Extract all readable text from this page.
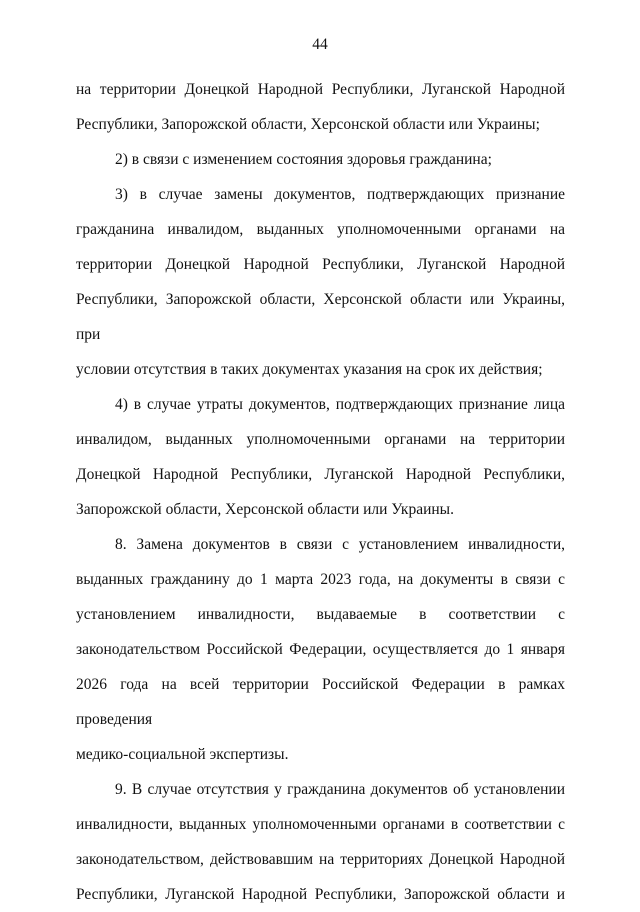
44
на территории Донецкой Народной Республики, Луганской Народной
Республики, Запорожской области, Херсонской области или Украины;
2) в связи с изменением состояния здоровья гражданина;
3) в случае замены документов, подтверждающих признание
гражданина инвалидом, выданных уполномоченными органами на
территории Донецкой Народной Республики, Луганской Народной
Республики, Запорожской области, Херсонской области или Украины, при
условии отсутствия в таких документах указания на срок их действия;
4) в случае утраты документов, подтверждающих признание лица
инвалидом, выданных уполномоченными органами на территории
Донецкой Народной Республики, Луганской Народной Республики,
Запорожской области, Херсонской области или Украины.
8. Замена документов в связи с установлением инвалидности,
выданных гражданину до 1 марта 2023 года, на документы в связи с
установлением инвалидности, выдаваемые в соответствии с
законодательством Российской Федерации, осуществляется до 1 января
2026 года на всей территории Российской Федерации в рамках проведения
медико-социальной экспертизы.
9. В случае отсутствия у гражданина документов об установлении
инвалидности, выданных уполномоченными органами в соответствии с
законодательством, действовавшим на территориях Донецкой Народной
Республики, Луганской Народной Республики, Запорожской области и
